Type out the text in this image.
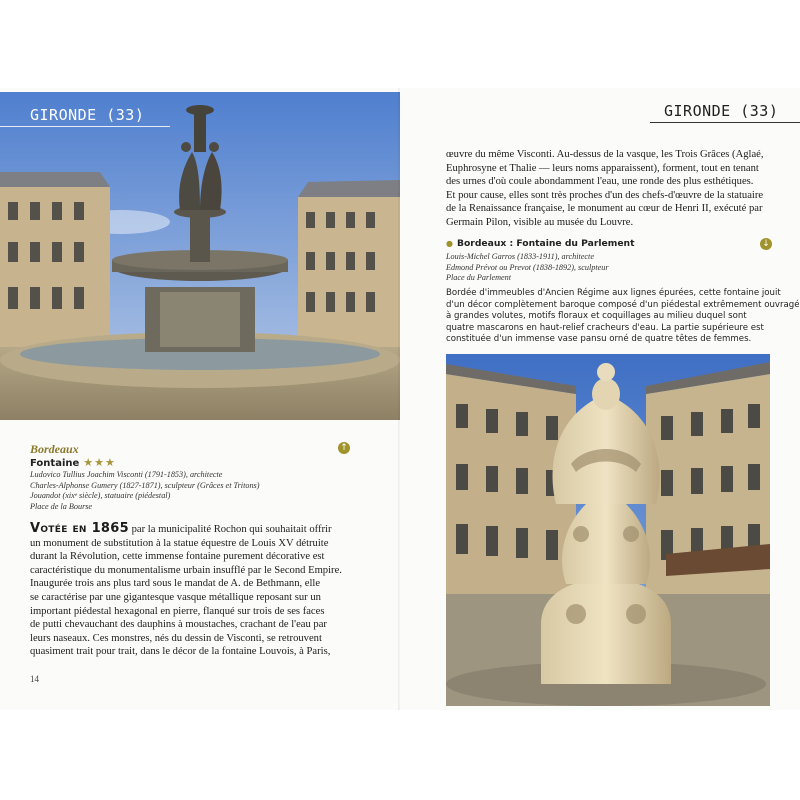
GIRONDE (33)
Bordeaux	↑
Fontaine ★★★
Ludovico Tullius Joachim Visconti (1791-1853), architecte
Charles-Alphonse Gumery (1827-1871), sculpteur (Grâces et Tritons)
Jouandot (xixᵉ siècle), statuaire (piédestal)
Place de la Bourse
Votée en 1865 par la municipalité Rochon qui souhaitait offrir
un monument de substitution à la statue équestre de Louis XV détruite
durant la Révolution, cette immense fontaine purement décorative est
caractéristique du monumentalisme urbain insufflé par le Second Empire.
Inaugurée trois ans plus tard sous le mandat de A. de Bethmann, elle
se caractérise par une gigantesque vasque métallique reposant sur un
important piédestal hexagonal en pierre, flanqué sur trois de ses faces
de putti chevauchant des dauphins à moustaches, crachant de l'eau par
leurs naseaux. Ces monstres, nés du dessin de Visconti, se retrouvent
quasiment trait pour trait, dans le décor de la fontaine Louvois, à Paris,
14
GIRONDE (33)
œuvre du même Visconti. Au-dessus de la vasque, les Trois Grâces (Aglaé,
Euphrosyne et Thalie — leurs noms apparaissent), forment, tout en tenant
des urnes d'où coule abondamment l'eau, une ronde des plus esthétiques.
Et pour cause, elles sont très proches d'un des chefs-d'œuvre de la statuaire
de la Renaissance française, le monument au cœur de Henri II, exécuté par
Germain Pilon, visible au musée du Louvre.
● Bordeaux : Fontaine du Parlement	↓
Louis-Michel Garros (1833-1911), architecte
Edmond Prévot ou Prevot (1838-1892), sculpteur
Place du Parlement
Bordée d'immeubles d'Ancien Régime aux lignes épurées, cette fontaine jouit
d'un décor complètement baroque composé d'un piédestal extrêmement ouvragé
à grandes volutes, motifs floraux et coquillages au milieu duquel sont
quatre mascarons en haut-relief cracheurs d'eau. La partie supérieure est
constituée d'un immense vase pansu orné de quatre têtes de femmes.
